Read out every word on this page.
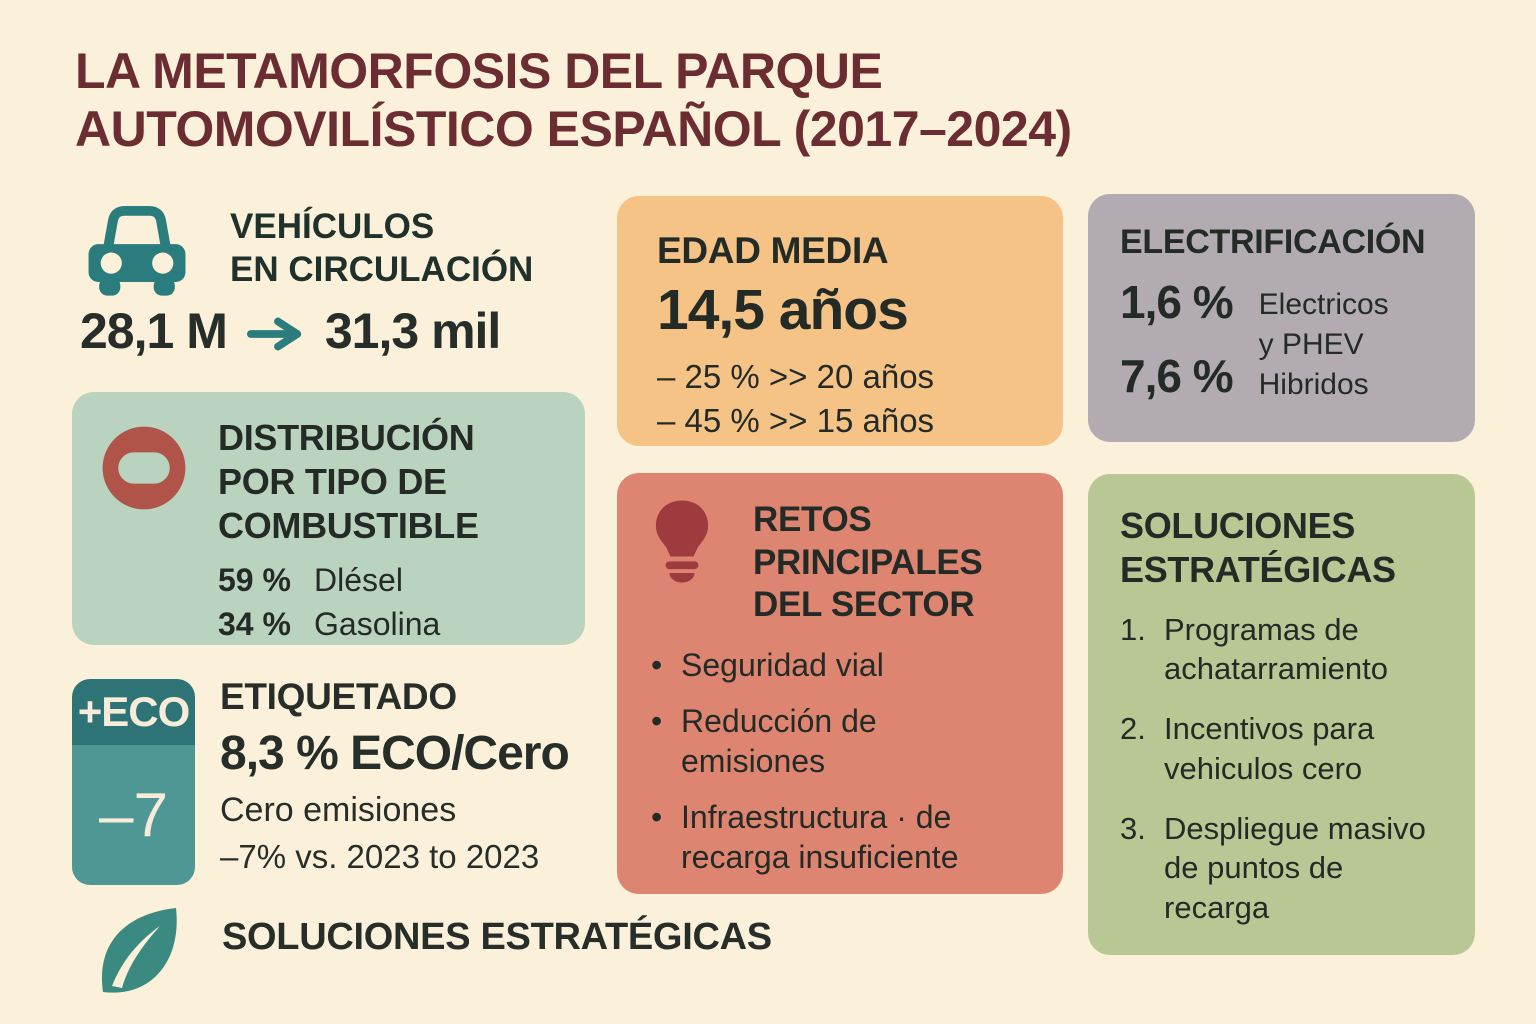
LA METAMORFOSIS DEL PARQUE
AUTOMOVILÍSTICO ESPAÑOL (2017–2024)
VEHÍCULOS
EN CIRCULACIÓN
28,1 M 31,3 mil
DISTRIBUCIÓN
POR TIPO DE
COMBUSTIBLE
59 % Dlésel
34 % Gasolina
+ECO
–7
ETIQUETADO
8,3 % ECO/Cero
Cero emisiones
–7% vs. 2023 to 2023
SOLUCIONES ESTRATÉGICAS
EDAD MEDIA
14,5 años
– 25 % >> 20 años
– 45 % >> 15 años
ELECTRIFICACIÓN
1,6 %
7,6 %
Electricos
y PHEV
Hibridos
RETOS
PRINCIPALES
DEL SECTOR
• Seguridad vial
• Reducción de emisiones
• Infraestructura · de recarga insuficiente
SOLUCIONES
ESTRATÉGICAS
1. Programas de achatarramiento
2. Incentivos para vehiculos cero
3. Despliegue masivo de puntos de recarga
